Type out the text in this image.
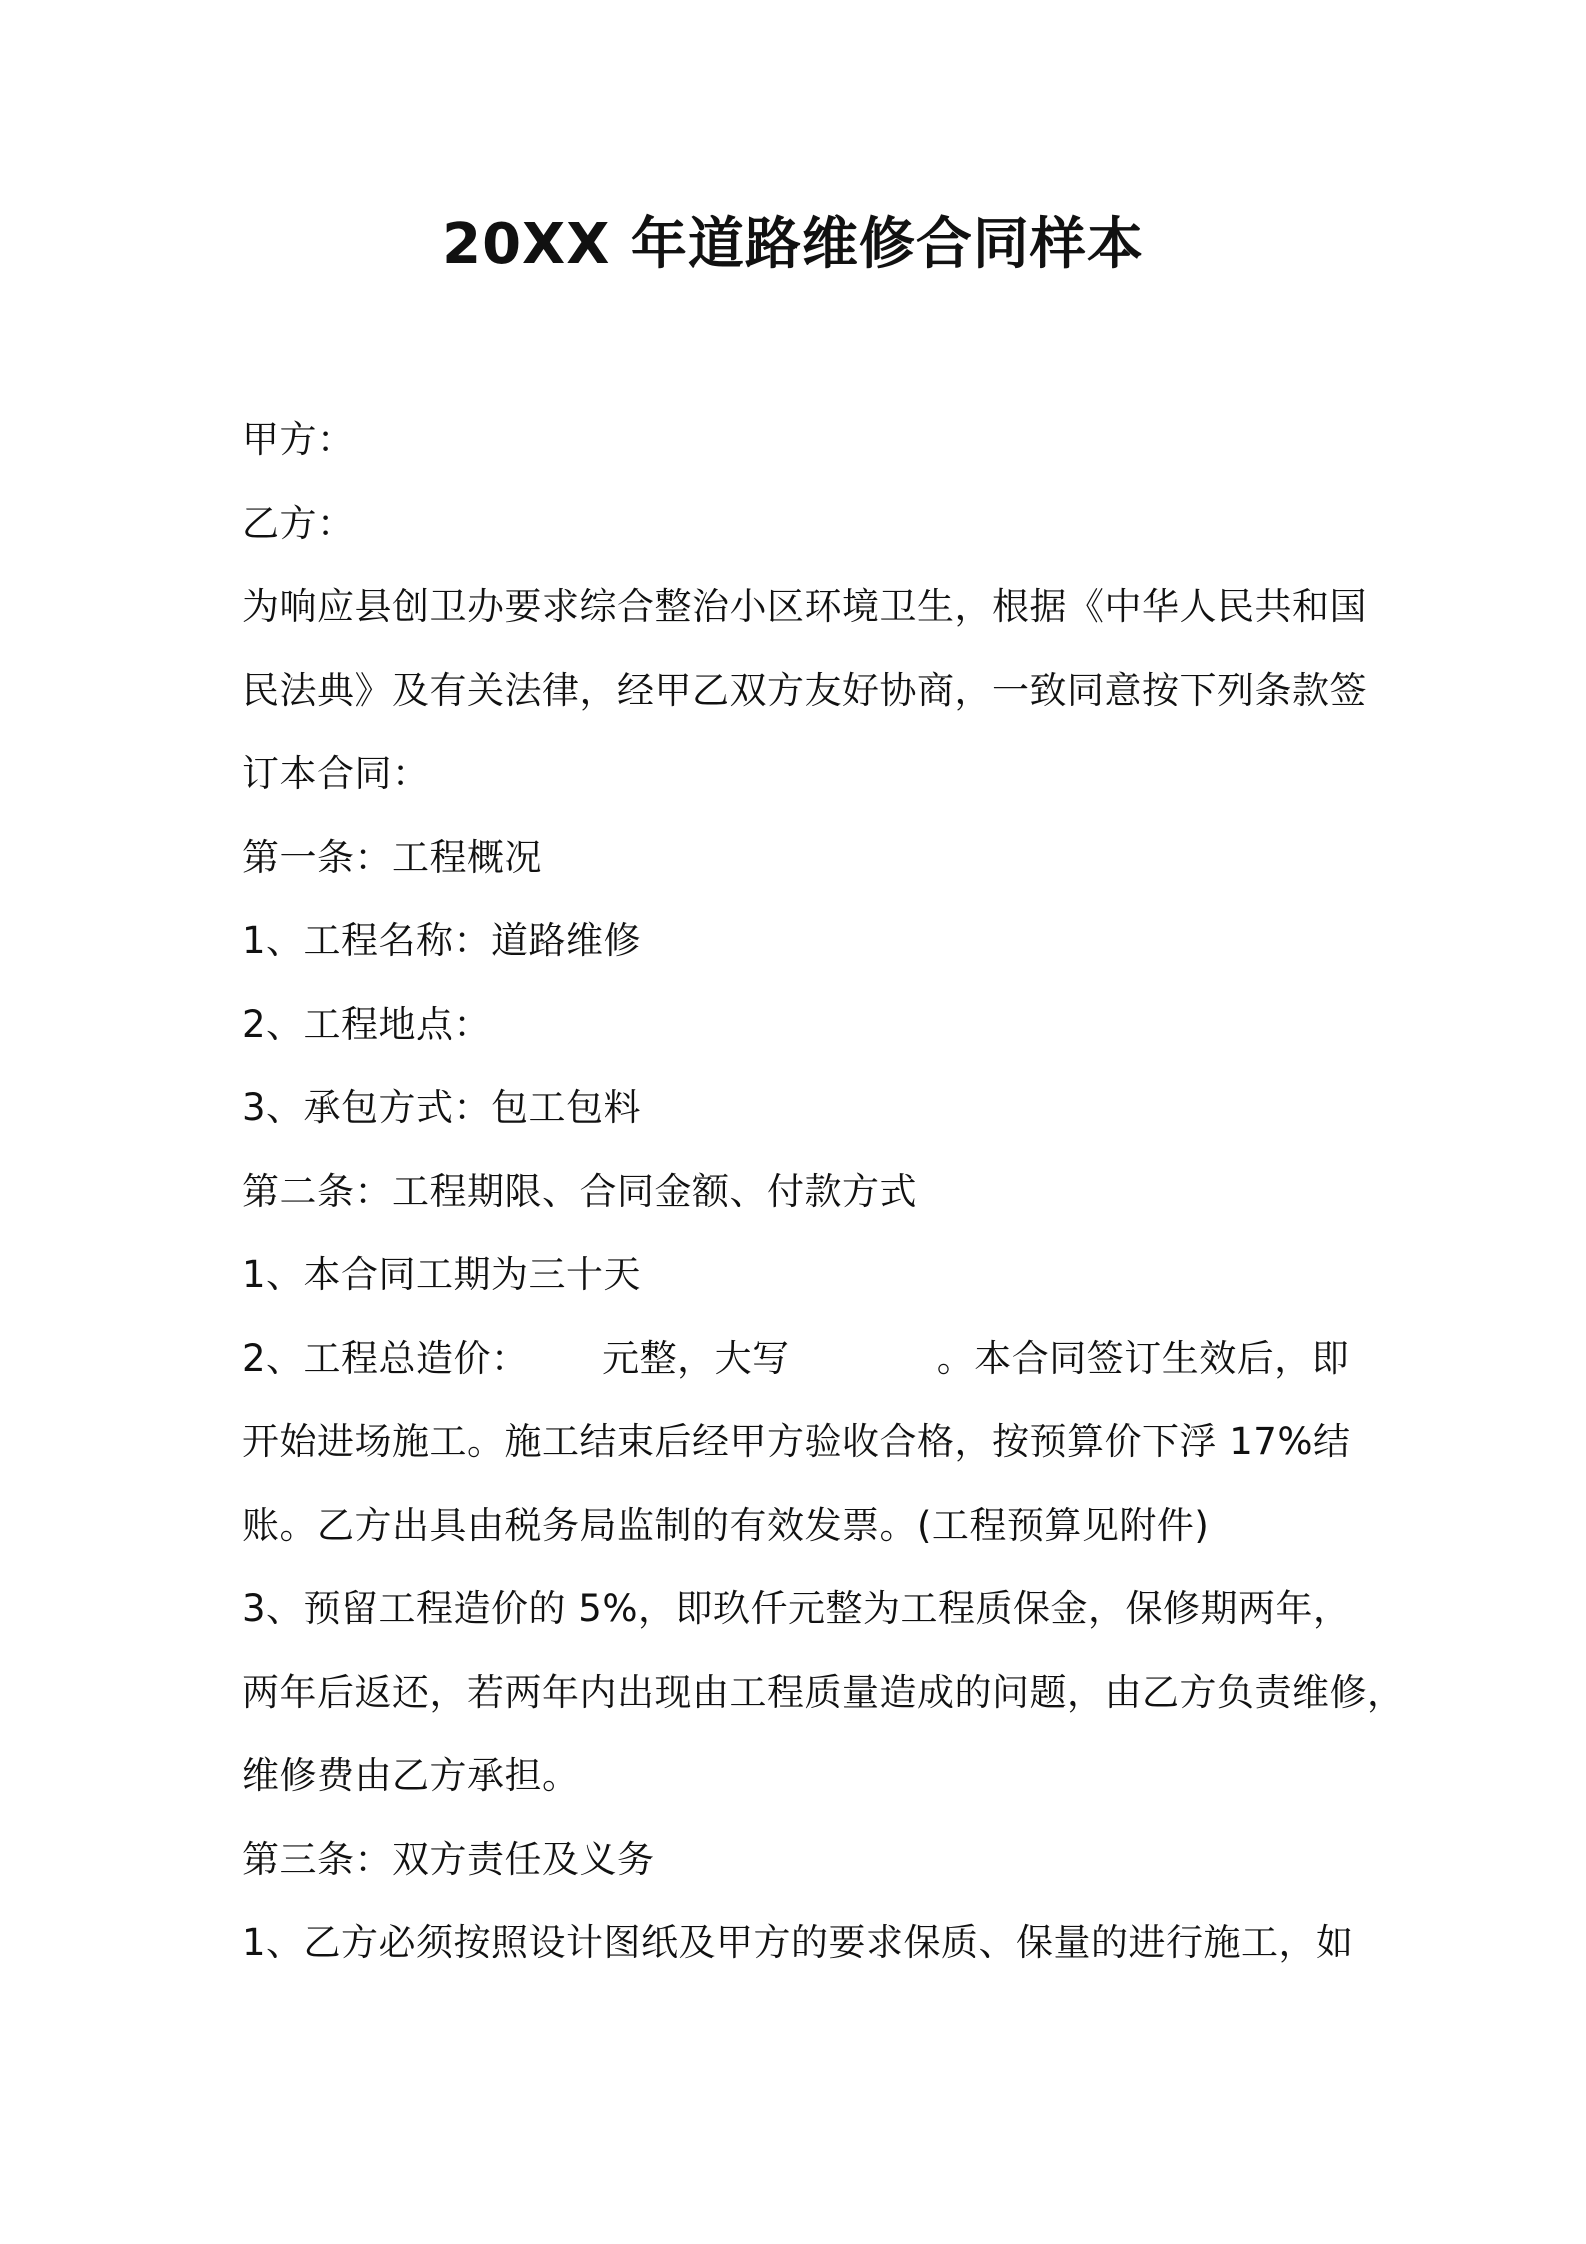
20XX 年道路维修合同样本
甲方：
乙方：
为响应县创卫办要求综合整治小区环境卫生，根据《中华人民共和国
民法典》及有关法律，经甲乙双方友好协商，一致同意按下列条款签
订本合同：
第一条：工程概况
1、工程名称：道路维修
2、工程地点：
3、承包方式：包工包料
第二条：工程期限、合同金额、付款方式
1、本合同工期为三十天
2、工程总造价：      元整，大写            。本合同签订生效后，即
开始进场施工。施工结束后经甲方验收合格，按预算价下浮 17%结
账。乙方出具由税务局监制的有效发票。(工程预算见附件)
3、预留工程造价的 5%，即玖仟元整为工程质保金，保修期两年，
两年后返还，若两年内出现由工程质量造成的问题，由乙方负责维修，
维修费由乙方承担。
第三条：双方责任及义务
1、乙方必须按照设计图纸及甲方的要求保质、保量的进行施工，如
